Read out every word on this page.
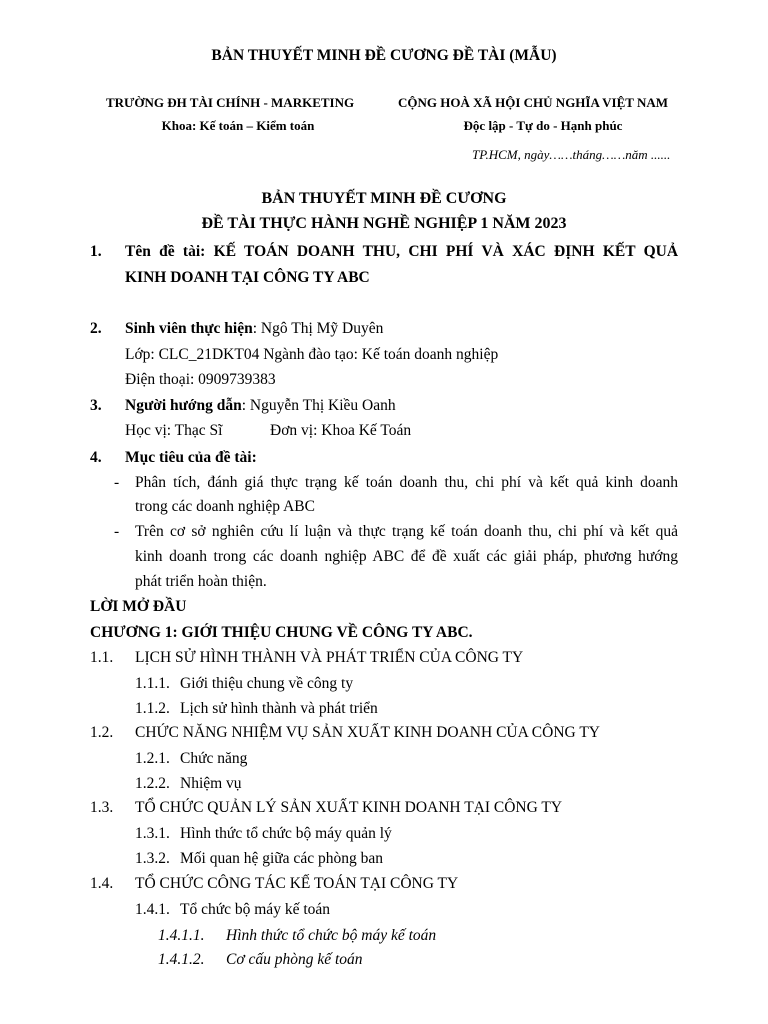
BẢN THUYẾT MINH ĐỀ CƯƠNG ĐỀ TÀI (MẪU)
TRƯỜNG ĐH TÀI CHÍNH - MARKETING
Khoa: Kế toán – Kiểm toán
CỘNG HOÀ XÃ HỘI CHỦ NGHĨA VIỆT NAM
Độc lập - Tự do - Hạnh phúc
TP.HCM, ngày……tháng……năm ......
BẢN THUYẾT MINH ĐỀ CƯƠNG
ĐỀ TÀI THỰC HÀNH NGHỀ NGHIỆP 1 NĂM 2023
1. Tên đề tài: KẾ TOÁN DOANH THU, CHI PHÍ VÀ XÁC ĐỊNH KẾT QUẢ
KINH DOANH TẠI CÔNG TY ABC
2. Sinh viên thực hiện: Ngô Thị Mỹ Duyên
Lớp: CLC_21DKT04 Ngành đào tạo: Kế toán doanh nghiệp
Điện thoại: 0909739383
3. Người hướng dẫn: Nguyễn Thị Kiều Oanh
Học vị: Thạc Sĩ	Đơn vị: Khoa Kế Toán
4. Mục tiêu của đề tài:
- Phân tích, đánh giá thực trạng kế toán doanh thu, chi phí và kết quả kinh doanh
trong các doanh nghiệp ABC
- Trên cơ sở nghiên cứu lí luận và thực trạng kế toán doanh thu, chi phí và kết quả
kinh doanh trong các doanh nghiệp ABC để đề xuất các giải pháp, phương hướng
phát triển hoàn thiện.
LỜI MỞ ĐẦU
CHƯƠNG 1: GIỚI THIỆU CHUNG VỀ CÔNG TY ABC.
1.1. LỊCH SỬ HÌNH THÀNH VÀ PHÁT TRIỂN CỦA CÔNG TY
1.1.1. Giới thiệu chung về công ty
1.1.2. Lịch sử hình thành và phát triển
1.2. CHỨC NĂNG NHIỆM VỤ SẢN XUẤT KINH DOANH CỦA CÔNG TY
1.2.1. Chức năng
1.2.2. Nhiệm vụ
1.3. TỔ CHỨC QUẢN LÝ SẢN XUẤT KINH DOANH TẠI CÔNG TY
1.3.1. Hình thức tổ chức bộ máy quản lý
1.3.2. Mối quan hệ giữa các phòng ban
1.4. TỔ CHỨC CÔNG TÁC KẾ TOÁN TẠI CÔNG TY
1.4.1. Tổ chức bộ máy kế toán
1.4.1.1. Hình thức tổ chức bộ máy kế toán
1.4.1.2. Cơ cấu phòng kế toán
